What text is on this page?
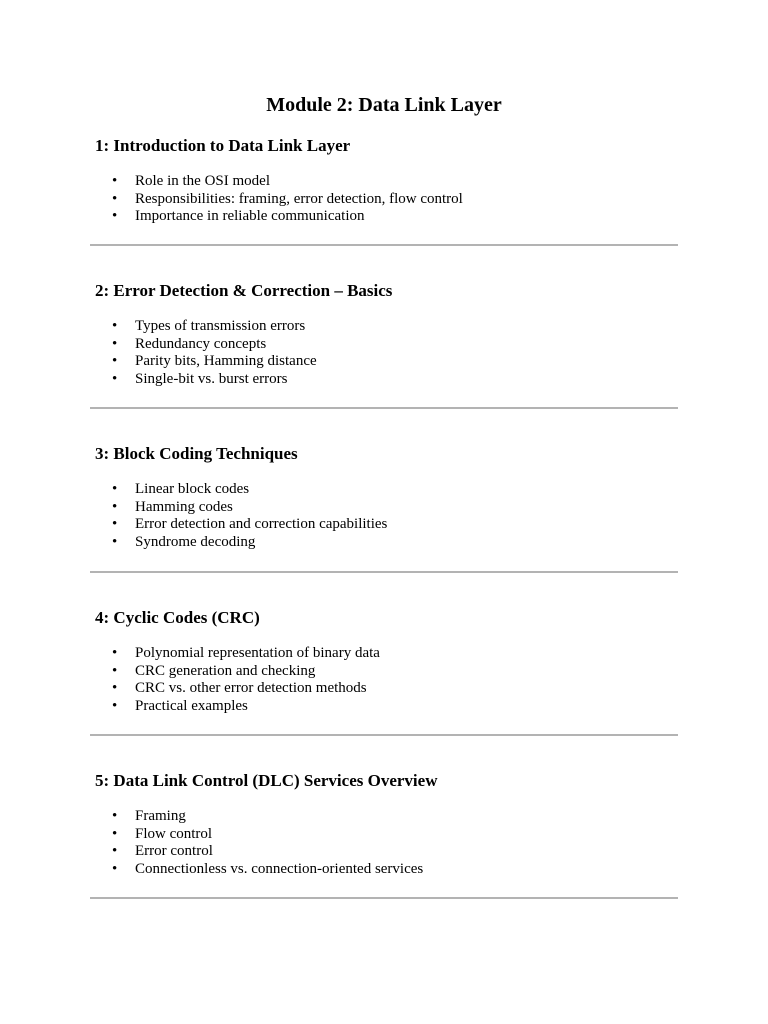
Module 2: Data Link Layer
1: Introduction to Data Link Layer
• Role in the OSI model
• Responsibilities: framing, error detection, flow control
• Importance in reliable communication
2: Error Detection & Correction – Basics
• Types of transmission errors
• Redundancy concepts
• Parity bits, Hamming distance
• Single-bit vs. burst errors
3: Block Coding Techniques
• Linear block codes
• Hamming codes
• Error detection and correction capabilities
• Syndrome decoding
4: Cyclic Codes (CRC)
• Polynomial representation of binary data
• CRC generation and checking
• CRC vs. other error detection methods
• Practical examples
5: Data Link Control (DLC) Services Overview
• Framing
• Flow control
• Error control
• Connectionless vs. connection-oriented services
